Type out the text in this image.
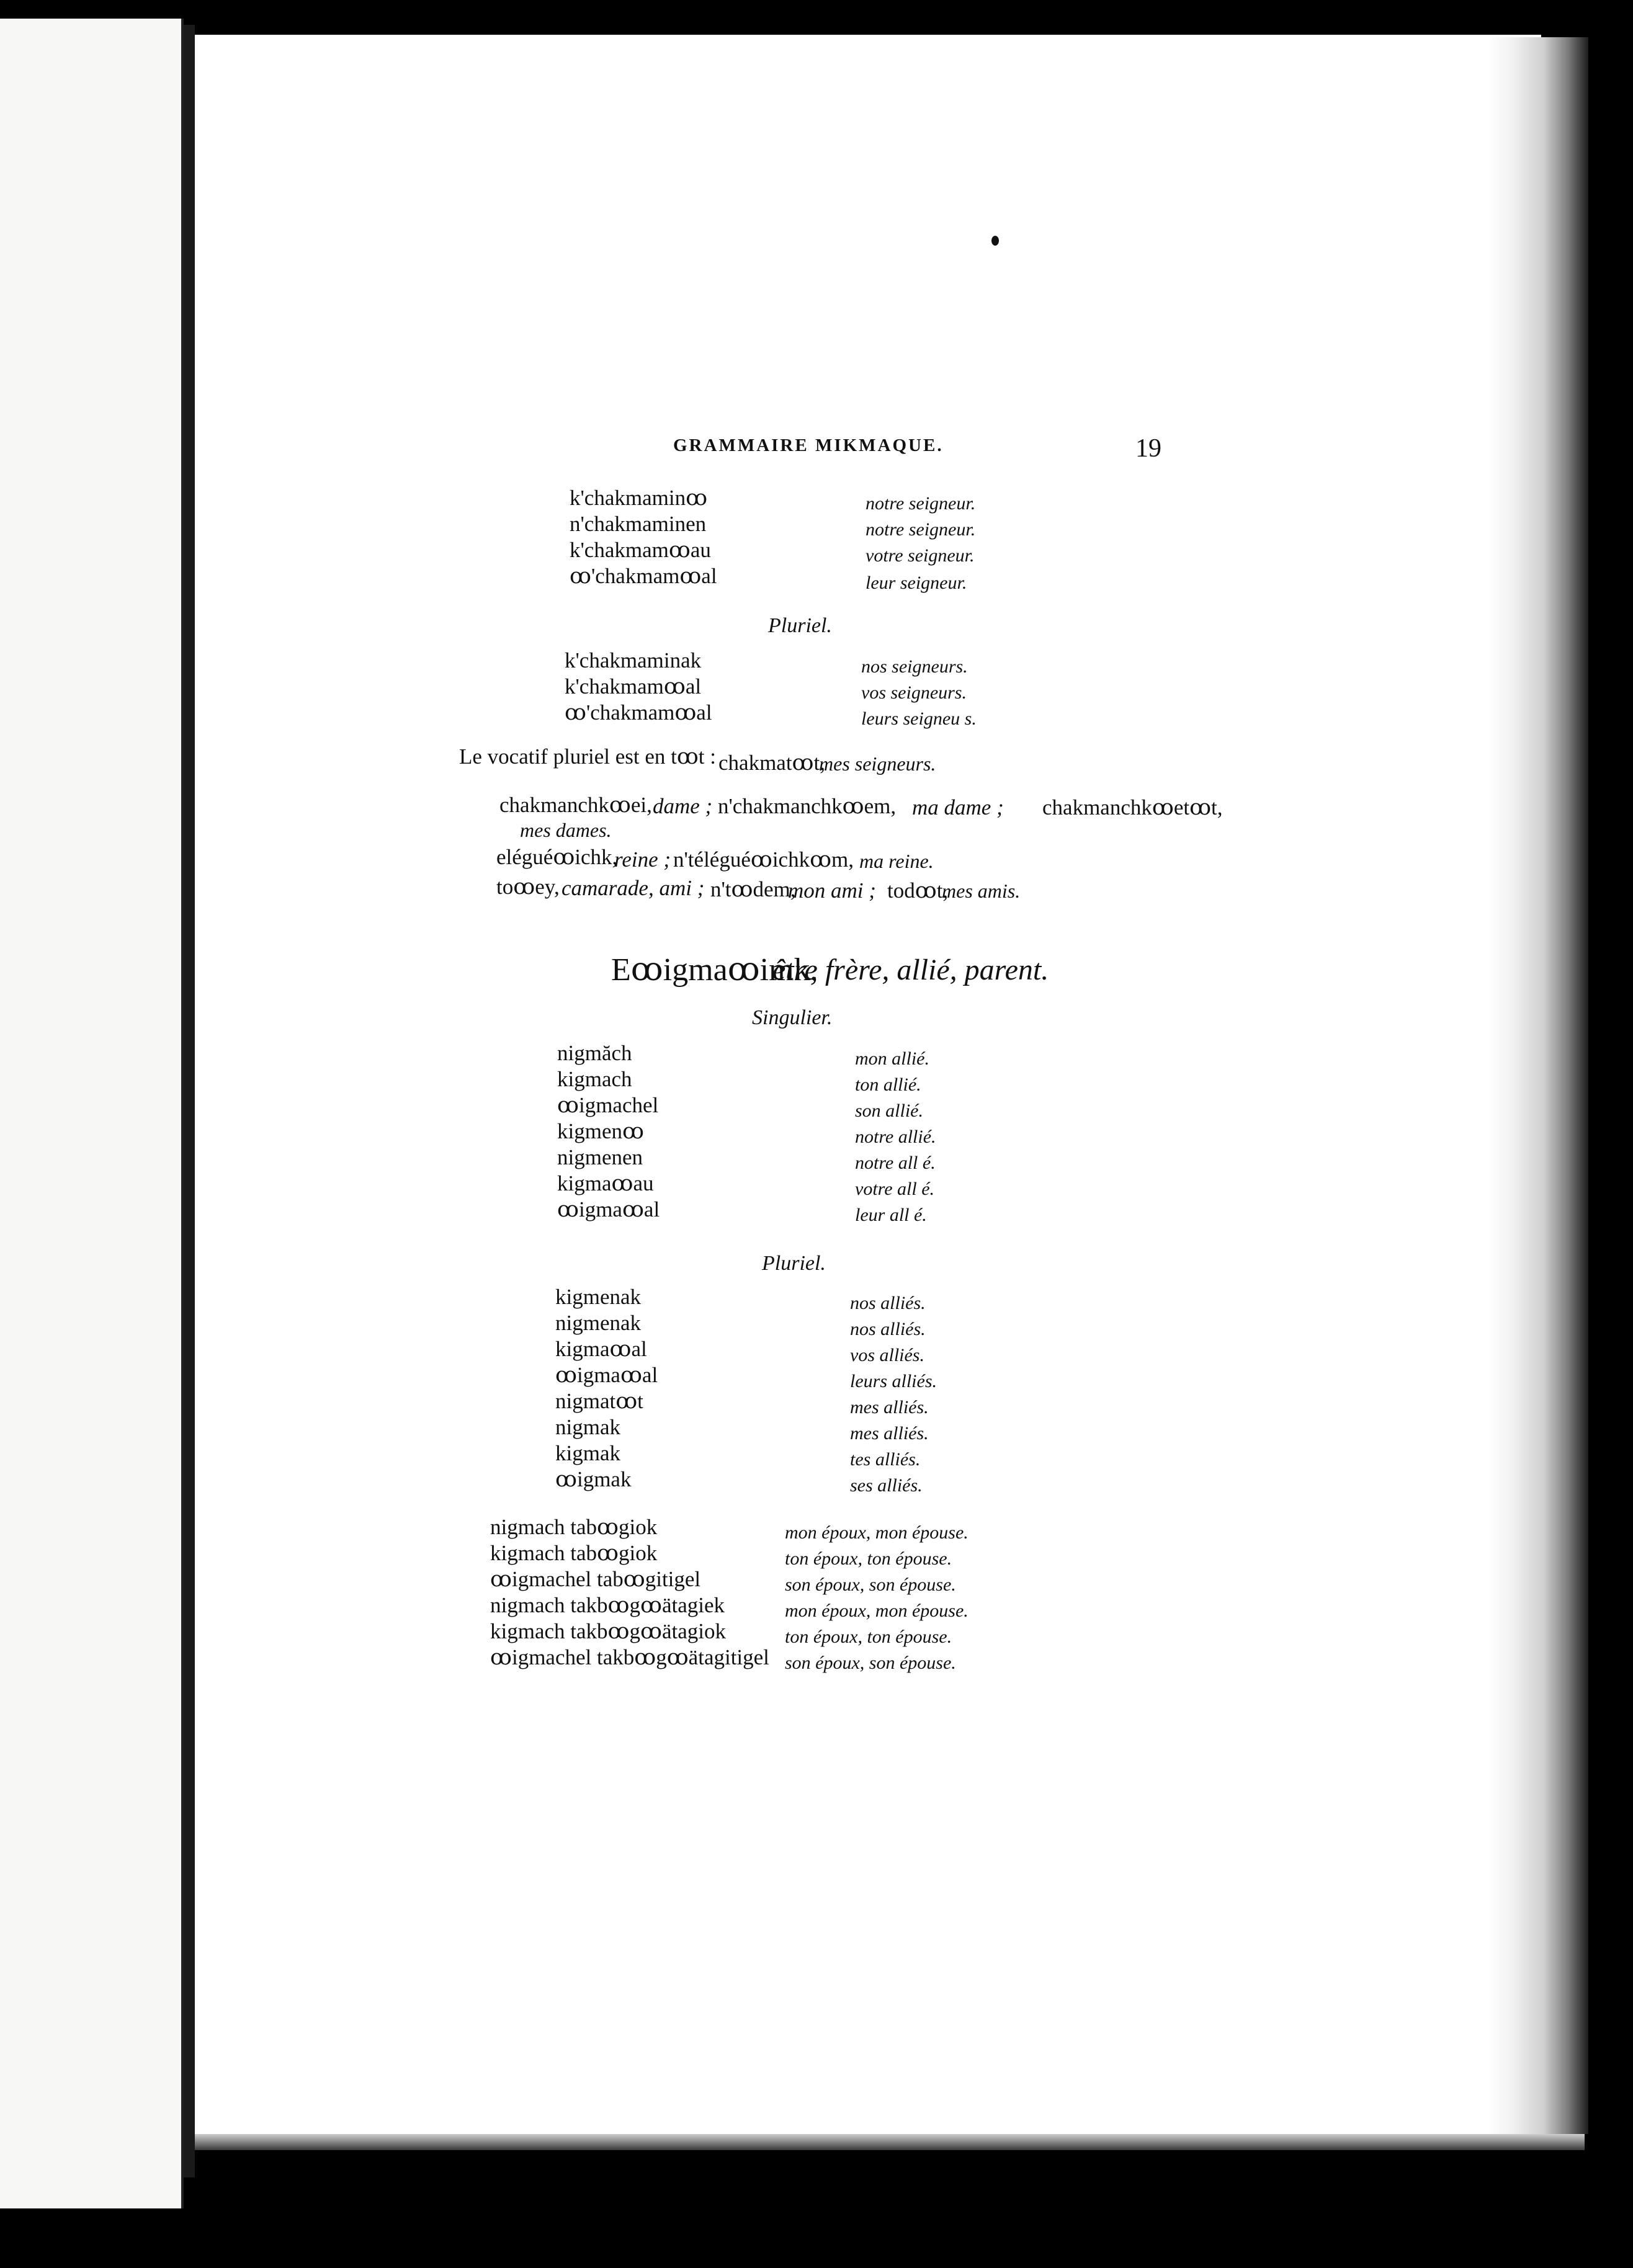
GRAMMAIRE MIKMAQUE.	19
k'chakmaminꝏ	notre seigneur.
n'chakmaminen	notre seigneur.
k'chakmamꝏau	votre seigneur.
ꝏ'chakmamꝏal	leur seigneur.
Pluriel.
k'chakmaminak	nos seigneurs.
k'chakmamꝏal	vos seigneurs.
ꝏ'chakmamꝏal	leurs seigneu s.
Le vocatif pluriel est en tꝏt : chakmatꝏt,
mes seigneurs.
chakmanchkꝏei, dame ; n'chakmanchkꝏem, ma dame ; chakmanchkꝏetꝏt,
mes dames.
eléguéꝏichk,
reine ; n'téléguéꝏichkꝏm, ma reine.
toꝏey, camarade, ami ; n'tꝏdem,
mon ami ; todꝏt,
mes amis.
Eꝏigmaꝏimk,
être frère, allié, parent.
Singulier.
nigmăch	mon allié.
kigmach	ton allié.
ꝏigmachel	son allié.
kigmenꝏ	notre allié.
nigmenen	notre all é.
kigmaꝏau	votre all é.
ꝏigmaꝏal	leur all é.
Pluriel.
kigmenak	nos alliés.
nigmenak	nos alliés.
kigmaꝏal	vos alliés.
ꝏigmaꝏal	leurs alliés.
nigmatꝏt	mes alliés.
nigmak	mes alliés.
kigmak	tes alliés.
ꝏigmak	ses alliés.
nigmach tabꝏgiok	mon époux, mon épouse.
kigmach tabꝏgiok	ton époux, ton épouse.
ꝏigmachel tabꝏgitigel	son époux, son épouse.
nigmach takbꝏgꝏätagiek	mon époux, mon épouse.
kigmach takbꝏgꝏätagiok	ton époux, ton épouse.
ꝏigmachel takbꝏgꝏätagitigel son époux, son épouse.
